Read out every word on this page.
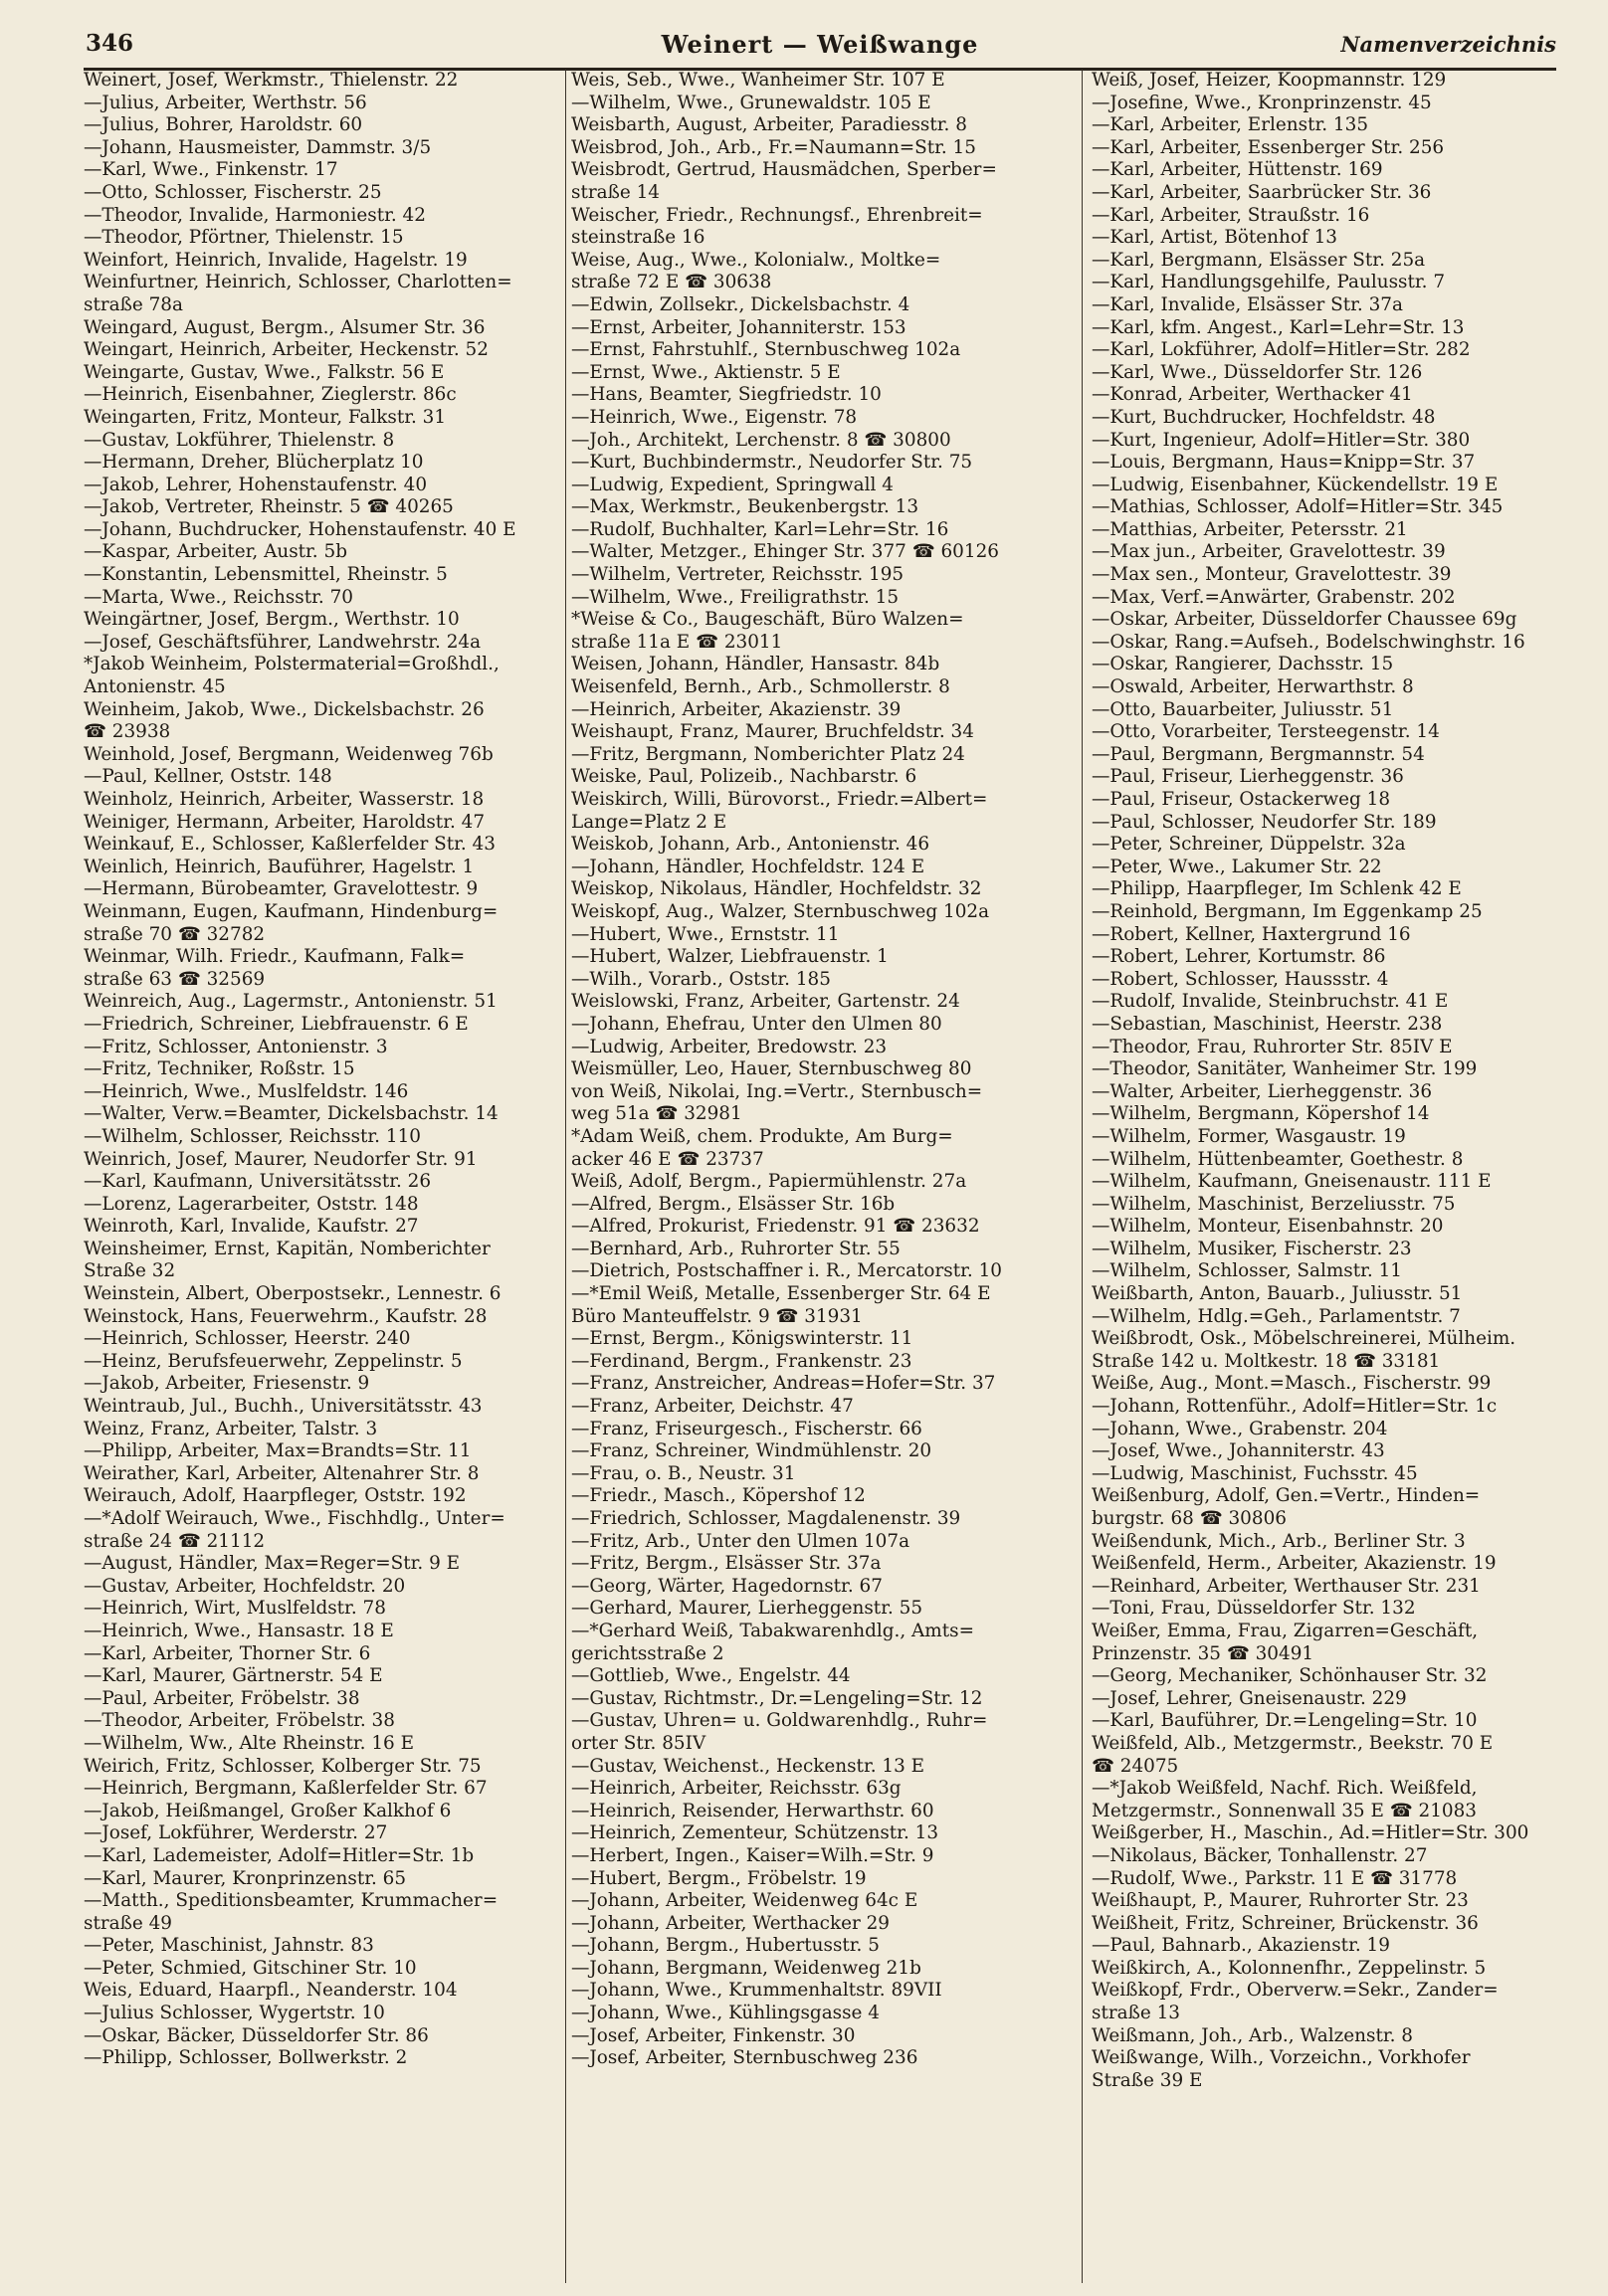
346	Weinert — Weißwange	Namenverzeichnis
Weinert, Josef, Werkmstr., Thielenstr. 22
—Julius, Arbeiter, Werthstr. 56
—Julius, Bohrer, Haroldstr. 60
—Johann, Hausmeister, Dammstr. 3/5
—Karl, Wwe., Finkenstr. 17
—Otto, Schlosser, Fischerstr. 25
—Theodor, Invalide, Harmoniestr. 42
—Theodor, Pförtner, Thielenstr. 15
Weinfort, Heinrich, Invalide, Hagelstr. 19
Weinfurtner, Heinrich, Schlosser, Charlotten=
straße 78a
Weingard, August, Bergm., Alsumer Str. 36
Weingart, Heinrich, Arbeiter, Heckenstr. 52
Weingarte, Gustav, Wwe., Falkstr. 56 E
—Heinrich, Eisenbahner, Zieglerstr. 86c
Weingarten, Fritz, Monteur, Falkstr. 31
—Gustav, Lokführer, Thielenstr. 8
—Hermann, Dreher, Blücherplatz 10
—Jakob, Lehrer, Hohenstaufenstr. 40
—Jakob, Vertreter, Rheinstr. 5 ☎ 40265
—Johann, Buchdrucker, Hohenstaufenstr. 40 E
—Kaspar, Arbeiter, Austr. 5b
—Konstantin, Lebensmittel, Rheinstr. 5
—Marta, Wwe., Reichsstr. 70
Weingärtner, Josef, Bergm., Werthstr. 10
—Josef, Geschäftsführer, Landwehrstr. 24a
*Jakob Weinheim, Polstermaterial=Großhdl.,
Antonienstr. 45
Weinheim, Jakob, Wwe., Dickelsbachstr. 26
☎ 23938
Weinhold, Josef, Bergmann, Weidenweg 76b
—Paul, Kellner, Oststr. 148
Weinholz, Heinrich, Arbeiter, Wasserstr. 18
Weiniger, Hermann, Arbeiter, Haroldstr. 47
Weinkauf, E., Schlosser, Kaßlerfelder Str. 43
Weinlich, Heinrich, Bauführer, Hagelstr. 1
—Hermann, Bürobeamter, Gravelottestr. 9
Weinmann, Eugen, Kaufmann, Hindenburg=
straße 70 ☎ 32782
Weinmar, Wilh. Friedr., Kaufmann, Falk=
straße 63 ☎ 32569
Weinreich, Aug., Lagermstr., Antonienstr. 51
—Friedrich, Schreiner, Liebfrauenstr. 6 E
—Fritz, Schlosser, Antonienstr. 3
—Fritz, Techniker, Roßstr. 15
—Heinrich, Wwe., Muslfeldstr. 146
—Walter, Verw.=Beamter, Dickelsbachstr. 14
—Wilhelm, Schlosser, Reichsstr. 110
Weinrich, Josef, Maurer, Neudorfer Str. 91
—Karl, Kaufmann, Universitätsstr. 26
—Lorenz, Lagerarbeiter, Oststr. 148
Weinroth, Karl, Invalide, Kaufstr. 27
Weinsheimer, Ernst, Kapitän, Nomberichter
Straße 32
Weinstein, Albert, Oberpostsekr., Lennestr. 6
Weinstock, Hans, Feuerwehrm., Kaufstr. 28
—Heinrich, Schlosser, Heerstr. 240
—Heinz, Berufsfeuerwehr, Zeppelinstr. 5
—Jakob, Arbeiter, Friesenstr. 9
Weintraub, Jul., Buchh., Universitätsstr. 43
Weinz, Franz, Arbeiter, Talstr. 3
—Philipp, Arbeiter, Max=Brandts=Str. 11
Weirather, Karl, Arbeiter, Altenahrer Str. 8
Weirauch, Adolf, Haarpfleger, Oststr. 192
—*Adolf Weirauch, Wwe., Fischhdlg., Unter=
straße 24 ☎ 21112
—August, Händler, Max=Reger=Str. 9 E
—Gustav, Arbeiter, Hochfeldstr. 20
—Heinrich, Wirt, Muslfeldstr. 78
—Heinrich, Wwe., Hansastr. 18 E
—Karl, Arbeiter, Thorner Str. 6
—Karl, Maurer, Gärtnerstr. 54 E
—Paul, Arbeiter, Fröbelstr. 38
—Theodor, Arbeiter, Fröbelstr. 38
—Wilhelm, Ww., Alte Rheinstr. 16 E
Weirich, Fritz, Schlosser, Kolberger Str. 75
—Heinrich, Bergmann, Kaßlerfelder Str. 67
—Jakob, Heißmangel, Großer Kalkhof 6
—Josef, Lokführer, Werderstr. 27
—Karl, Lademeister, Adolf=Hitler=Str. 1b
—Karl, Maurer, Kronprinzenstr. 65
—Matth., Speditionsbeamter, Krummacher=
straße 49
—Peter, Maschinist, Jahnstr. 83
—Peter, Schmied, Gitschiner Str. 10
Weis, Eduard, Haarpfl., Neanderstr. 104
—Julius Schlosser, Wygertstr. 10
—Oskar, Bäcker, Düsseldorfer Str. 86
—Philipp, Schlosser, Bollwerkstr. 2
Weis, Seb., Wwe., Wanheimer Str. 107 E
—Wilhelm, Wwe., Grunewaldstr. 105 E
Weisbarth, August, Arbeiter, Paradiesstr. 8
Weisbrod, Joh., Arb., Fr.=Naumann=Str. 15
Weisbrodt, Gertrud, Hausmädchen, Sperber=
straße 14
Weischer, Friedr., Rechnungsf., Ehrenbreit=
steinstraße 16
Weise, Aug., Wwe., Kolonialw., Moltke=
straße 72 E ☎ 30638
—Edwin, Zollsekr., Dickelsbachstr. 4
—Ernst, Arbeiter, Johanniterstr. 153
—Ernst, Fahrstuhlf., Sternbuschweg 102a
—Ernst, Wwe., Aktienstr. 5 E
—Hans, Beamter, Siegfriedstr. 10
—Heinrich, Wwe., Eigenstr. 78
—Joh., Architekt, Lerchenstr. 8 ☎ 30800
—Kurt, Buchbindermstr., Neudorfer Str. 75
—Ludwig, Expedient, Springwall 4
—Max, Werkmstr., Beukenbergstr. 13
—Rudolf, Buchhalter, Karl=Lehr=Str. 16
—Walter, Metzger., Ehinger Str. 377 ☎ 60126
—Wilhelm, Vertreter, Reichsstr. 195
—Wilhelm, Wwe., Freiligrathstr. 15
*Weise & Co., Baugeschäft, Büro Walzen=
straße 11a E ☎ 23011
Weisen, Johann, Händler, Hansastr. 84b
Weisenfeld, Bernh., Arb., Schmollerstr. 8
—Heinrich, Arbeiter, Akazienstr. 39
Weishaupt, Franz, Maurer, Bruchfeldstr. 34
—Fritz, Bergmann, Nomberichter Platz 24
Weiske, Paul, Polizeib., Nachbarstr. 6
Weiskirch, Willi, Bürovorst., Friedr.=Albert=
Lange=Platz 2 E
Weiskob, Johann, Arb., Antonienstr. 46
—Johann, Händler, Hochfeldstr. 124 E
Weiskop, Nikolaus, Händler, Hochfeldstr. 32
Weiskopf, Aug., Walzer, Sternbuschweg 102a
—Hubert, Wwe., Ernststr. 11
—Hubert, Walzer, Liebfrauenstr. 1
—Wilh., Vorarb., Oststr. 185
Weislowski, Franz, Arbeiter, Gartenstr. 24
—Johann, Ehefrau, Unter den Ulmen 80
—Ludwig, Arbeiter, Bredowstr. 23
Weismüller, Leo, Hauer, Sternbuschweg 80
von Weiß, Nikolai, Ing.=Vertr., Sternbusch=
weg 51a ☎ 32981
*Adam Weiß, chem. Produkte, Am Burg=
acker 46 E ☎ 23737
Weiß, Adolf, Bergm., Papiermühlenstr. 27a
—Alfred, Bergm., Elsässer Str. 16b
—Alfred, Prokurist, Friedenstr. 91 ☎ 23632
—Bernhard, Arb., Ruhrorter Str. 55
—Dietrich, Postschaffner i. R., Mercatorstr. 10
—*Emil Weiß, Metalle, Essenberger Str. 64 E
Büro Manteuffelstr. 9 ☎ 31931
—Ernst, Bergm., Königswinterstr. 11
—Ferdinand, Bergm., Frankenstr. 23
—Franz, Anstreicher, Andreas=Hofer=Str. 37
—Franz, Arbeiter, Deichstr. 47
—Franz, Friseurgesch., Fischerstr. 66
—Franz, Schreiner, Windmühlenstr. 20
—Frau, o. B., Neustr. 31
—Friedr., Masch., Köpershof 12
—Friedrich, Schlosser, Magdalenenstr. 39
—Fritz, Arb., Unter den Ulmen 107a
—Fritz, Bergm., Elsässer Str. 37a
—Georg, Wärter, Hagedornstr. 67
—Gerhard, Maurer, Lierheggenstr. 55
—*Gerhard Weiß, Tabakwarenhdlg., Amts=
gerichtsstraße 2
—Gottlieb, Wwe., Engelstr. 44
—Gustav, Richtmstr., Dr.=Lengeling=Str. 12
—Gustav, Uhren= u. Goldwarenhdlg., Ruhr=
orter Str. 85IV
—Gustav, Weichenst., Heckenstr. 13 E
—Heinrich, Arbeiter, Reichsstr. 63g
—Heinrich, Reisender, Herwarthstr. 60
—Heinrich, Zementeur, Schützenstr. 13
—Herbert, Ingen., Kaiser=Wilh.=Str. 9
—Hubert, Bergm., Fröbelstr. 19
—Johann, Arbeiter, Weidenweg 64c E
—Johann, Arbeiter, Werthacker 29
—Johann, Bergm., Hubertusstr. 5
—Johann, Bergmann, Weidenweg 21b
—Johann, Wwe., Krummenhaltstr. 89VII
—Johann, Wwe., Kühlingsgasse 4
—Josef, Arbeiter, Finkenstr. 30
—Josef, Arbeiter, Sternbuschweg 236
Weiß, Josef, Heizer, Koopmannstr. 129
—Josefine, Wwe., Kronprinzenstr. 45
—Karl, Arbeiter, Erlenstr. 135
—Karl, Arbeiter, Essenberger Str. 256
—Karl, Arbeiter, Hüttenstr. 169
—Karl, Arbeiter, Saarbrücker Str. 36
—Karl, Arbeiter, Straußstr. 16
—Karl, Artist, Bötenhof 13
—Karl, Bergmann, Elsässer Str. 25a
—Karl, Handlungsgehilfe, Paulusstr. 7
—Karl, Invalide, Elsässer Str. 37a
—Karl, kfm. Angest., Karl=Lehr=Str. 13
—Karl, Lokführer, Adolf=Hitler=Str. 282
—Karl, Wwe., Düsseldorfer Str. 126
—Konrad, Arbeiter, Werthacker 41
—Kurt, Buchdrucker, Hochfeldstr. 48
—Kurt, Ingenieur, Adolf=Hitler=Str. 380
—Louis, Bergmann, Haus=Knipp=Str. 37
—Ludwig, Eisenbahner, Kückendellstr. 19 E
—Mathias, Schlosser, Adolf=Hitler=Str. 345
—Matthias, Arbeiter, Petersstr. 21
—Max jun., Arbeiter, Gravelottestr. 39
—Max sen., Monteur, Gravelottestr. 39
—Max, Verf.=Anwärter, Grabenstr. 202
—Oskar, Arbeiter, Düsseldorfer Chaussee 69g
—Oskar, Rang.=Aufseh., Bodelschwinghstr. 16
—Oskar, Rangierer, Dachsstr. 15
—Oswald, Arbeiter, Herwarthstr. 8
—Otto, Bauarbeiter, Juliusstr. 51
—Otto, Vorarbeiter, Tersteegenstr. 14
—Paul, Bergmann, Bergmannstr. 54
—Paul, Friseur, Lierheggenstr. 36
—Paul, Friseur, Ostackerweg 18
—Paul, Schlosser, Neudorfer Str. 189
—Peter, Schreiner, Düppelstr. 32a
—Peter, Wwe., Lakumer Str. 22
—Philipp, Haarpfleger, Im Schlenk 42 E
—Reinhold, Bergmann, Im Eggenkamp 25
—Robert, Kellner, Haxtergrund 16
—Robert, Lehrer, Kortumstr. 86
—Robert, Schlosser, Haussstr. 4
—Rudolf, Invalide, Steinbruchstr. 41 E
—Sebastian, Maschinist, Heerstr. 238
—Theodor, Frau, Ruhrorter Str. 85IV E
—Theodor, Sanitäter, Wanheimer Str. 199
—Walter, Arbeiter, Lierheggenstr. 36
—Wilhelm, Bergmann, Köpershof 14
—Wilhelm, Former, Wasgaustr. 19
—Wilhelm, Hüttenbeamter, Goethestr. 8
—Wilhelm, Kaufmann, Gneisenaustr. 111 E
—Wilhelm, Maschinist, Berzeliusstr. 75
—Wilhelm, Monteur, Eisenbahnstr. 20
—Wilhelm, Musiker, Fischerstr. 23
—Wilhelm, Schlosser, Salmstr. 11
Weißbarth, Anton, Bauarb., Juliusstr. 51
—Wilhelm, Hdlg.=Geh., Parlamentstr. 7
Weißbrodt, Osk., Möbelschreinerei, Mülheim.
Straße 142 u. Moltkestr. 18 ☎ 33181
Weiße, Aug., Mont.=Masch., Fischerstr. 99
—Johann, Rottenführ., Adolf=Hitler=Str. 1c
—Johann, Wwe., Grabenstr. 204
—Josef, Wwe., Johanniterstr. 43
—Ludwig, Maschinist, Fuchsstr. 45
Weißenburg, Adolf, Gen.=Vertr., Hinden=
burgstr. 68 ☎ 30806
Weißendunk, Mich., Arb., Berliner Str. 3
Weißenfeld, Herm., Arbeiter, Akazienstr. 19
—Reinhard, Arbeiter, Werthauser Str. 231
—Toni, Frau, Düsseldorfer Str. 132
Weißer, Emma, Frau, Zigarren=Geschäft,
Prinzenstr. 35 ☎ 30491
—Georg, Mechaniker, Schönhauser Str. 32
—Josef, Lehrer, Gneisenaustr. 229
—Karl, Bauführer, Dr.=Lengeling=Str. 10
Weißfeld, Alb., Metzgermstr., Beekstr. 70 E
☎ 24075
—*Jakob Weißfeld, Nachf. Rich. Weißfeld,
Metzgermstr., Sonnenwall 35 E ☎ 21083
Weißgerber, H., Maschin., Ad.=Hitler=Str. 300
—Nikolaus, Bäcker, Tonhallenstr. 27
—Rudolf, Wwe., Parkstr. 11 E ☎ 31778
Weißhaupt, P., Maurer, Ruhrorter Str. 23
Weißheit, Fritz, Schreiner, Brückenstr. 36
—Paul, Bahnarb., Akazienstr. 19
Weißkirch, A., Kolonnenfhr., Zeppelinstr. 5
Weißkopf, Frdr., Oberverw.=Sekr., Zander=
straße 13
Weißmann, Joh., Arb., Walzenstr. 8
Weißwange, Wilh., Vorzeichn., Vorkhofer
Straße 39 E
